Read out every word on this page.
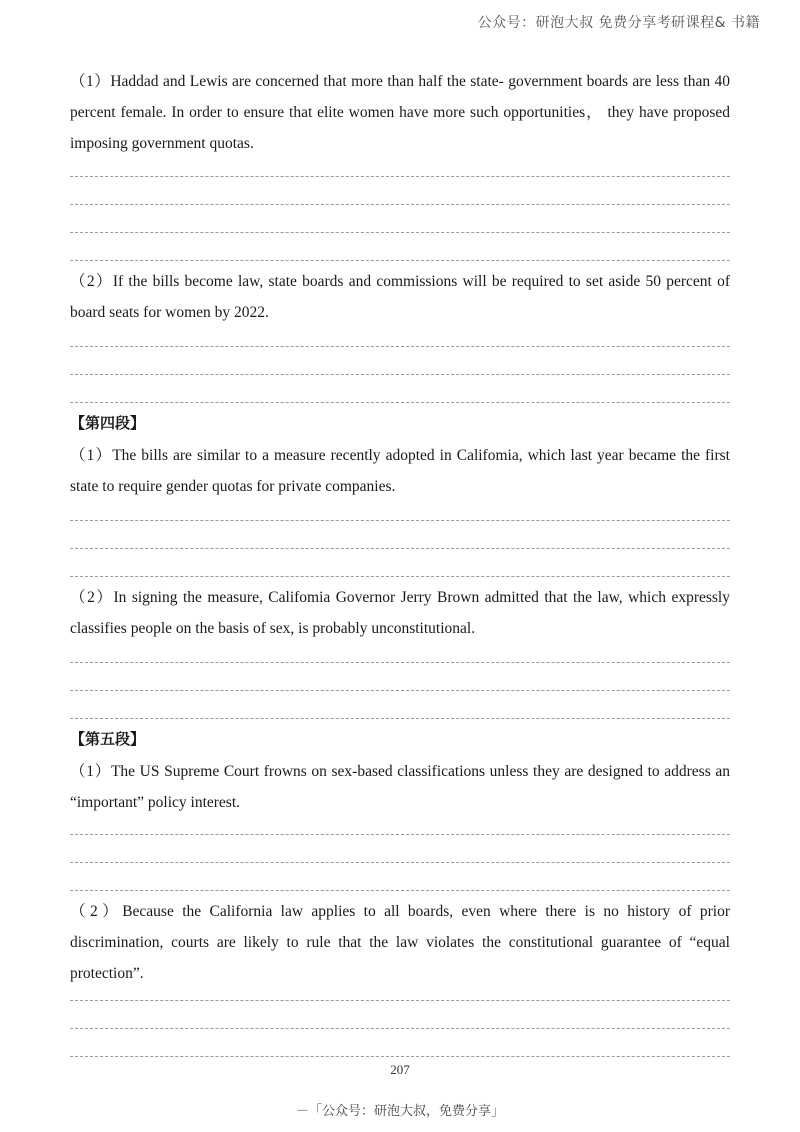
公众号：研泡大叔 免费分享考研课程& 书籍
（1）Haddad and Lewis are concerned that more than half the state- government boards are less than 40 percent female. In order to ensure that elite women have more such opportunities， they have proposed imposing government quotas.
（2）If the bills become law, state boards and commissions will be required to set aside 50 percent of board seats for women by 2022.
【第四段】
（1）The bills are similar to a measure recently adopted in Califomia, which last year became the first state to require gender quotas for private companies.
（2）In signing the measure, Califomia Governor Jerry Brown admitted that the law, which expressly classifies people on the basis of sex, is probably unconstitutional.
【第五段】
（1）The US Supreme Court frowns on sex-based classifications unless they are designed to address an “important” policy interest.
（2）Because the California law applies to all boards, even where there is no history of prior discrimination, courts are likely to rule that the law violates the constitutional guarantee of “equal protection”.
207
－「公众号：研泡大叔，免费分享」
